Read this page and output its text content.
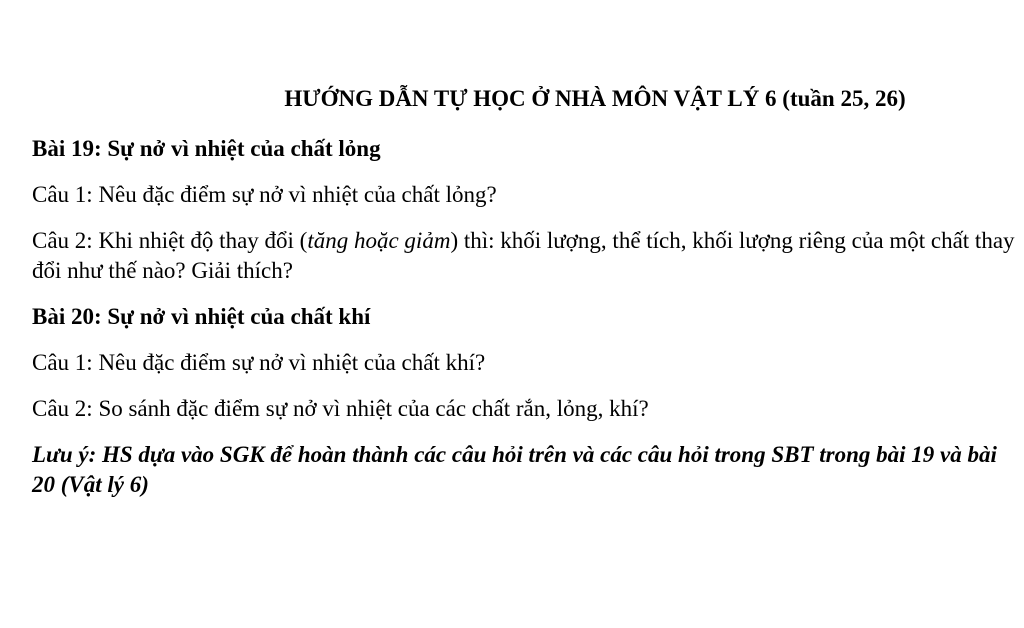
HƯỚNG DẪN TỰ HỌC Ở NHÀ MÔN VẬT LÝ 6 (tuần 25, 26)
Bài 19: Sự nở vì nhiệt của chất lỏng
Câu 1: Nêu đặc điểm sự nở vì nhiệt của chất lỏng?
Câu 2: Khi nhiệt độ thay đổi (tăng hoặc giảm) thì: khối lượng, thể tích, khối lượng riêng của một chất thay đổi như thế nào? Giải thích?
Bài 20: Sự nở vì nhiệt của chất khí
Câu 1: Nêu đặc điểm sự nở vì nhiệt của chất khí?
Câu 2: So sánh đặc điểm sự nở vì nhiệt của các chất rắn, lỏng, khí?
Lưu ý: HS dựa vào SGK để hoàn thành các câu hỏi trên và các câu hỏi trong SBT trong bài 19 và bài 20 (Vật lý 6)
